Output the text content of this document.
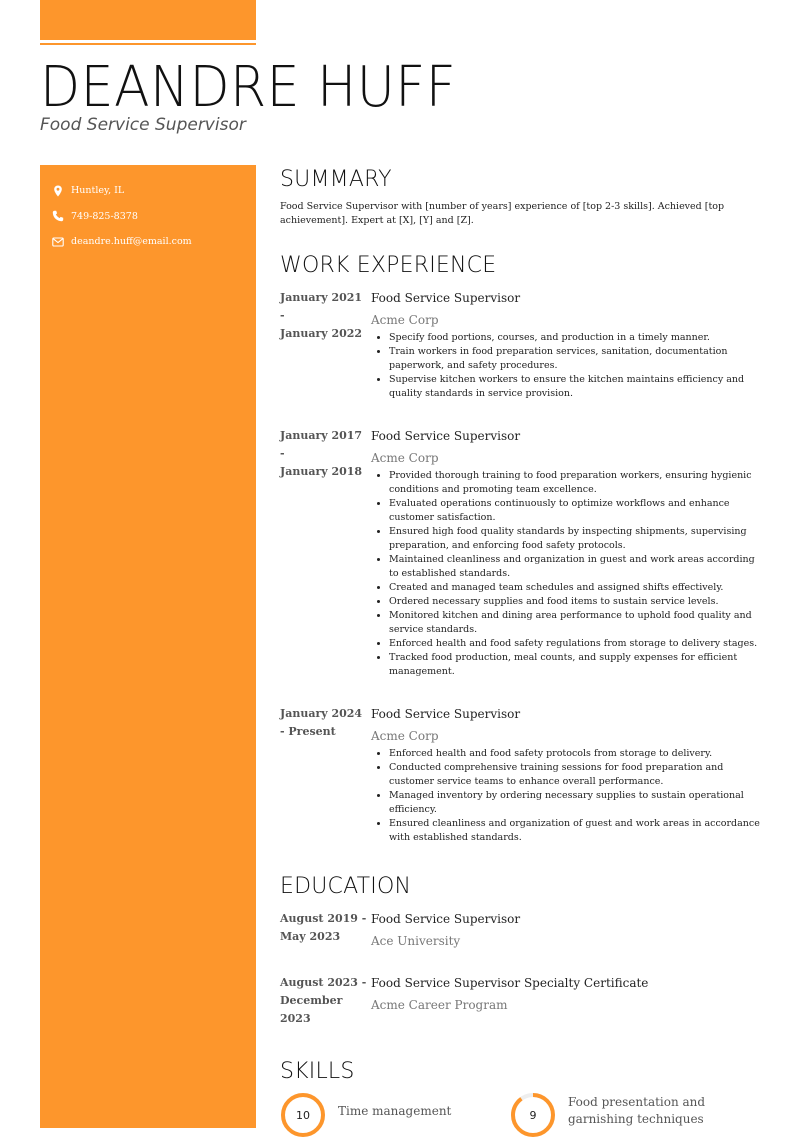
DEANDRE HUFF
Food Service Supervisor
Huntley, IL
749-825-8378
deandre.huff@email.com
SUMMARY

Food Service Supervisor with [number of years] experience of [top 2-3 skills]. Achieved [top achievement]. Expert at [X], [Y] and [Z].

WORK EXPERIENCE
January 2021
-
January 2022
Food Service Supervisor
Acme Corp
• Specify food portions, courses, and production in a timely manner.
• Train workers in food preparation services, sanitation, documentation paperwork, and safety procedures.
• Supervise kitchen workers to ensure the kitchen maintains efficiency and quality standards in service provision.
January 2017
-
January 2018
Food Service Supervisor
Acme Corp
• Provided thorough training to food preparation workers, ensuring hygienic conditions and promoting team excellence.
• Evaluated operations continuously to optimize workflows and enhance customer satisfaction.
• Ensured high food quality standards by inspecting shipments, supervising preparation, and enforcing food safety protocols.
• Maintained cleanliness and organization in guest and work areas according to established standards.
• Created and managed team schedules and assigned shifts effectively.
• Ordered necessary supplies and food items to sustain service levels.
• Monitored kitchen and dining area performance to uphold food quality and service standards.
• Enforced health and food safety regulations from storage to delivery stages.
• Tracked food production, meal counts, and supply expenses for efficient management.
January 2024
- Present
Food Service Supervisor
Acme Corp
• Enforced health and food safety protocols from storage to delivery.
• Conducted comprehensive training sessions for food preparation and customer service teams to enhance overall performance.
• Managed inventory by ordering necessary supplies to sustain operational efficiency.
• Ensured cleanliness and organization of guest and work areas in accordance with established standards.
EDUCATION
August 2019 -
May 2023
Food Service Supervisor
Ace University
August 2023 -
December 2023
Food Service Supervisor Specialty Certificate
Acme Career Program
SKILLS
10	Time management	9
Food presentation and garnishing techniques
